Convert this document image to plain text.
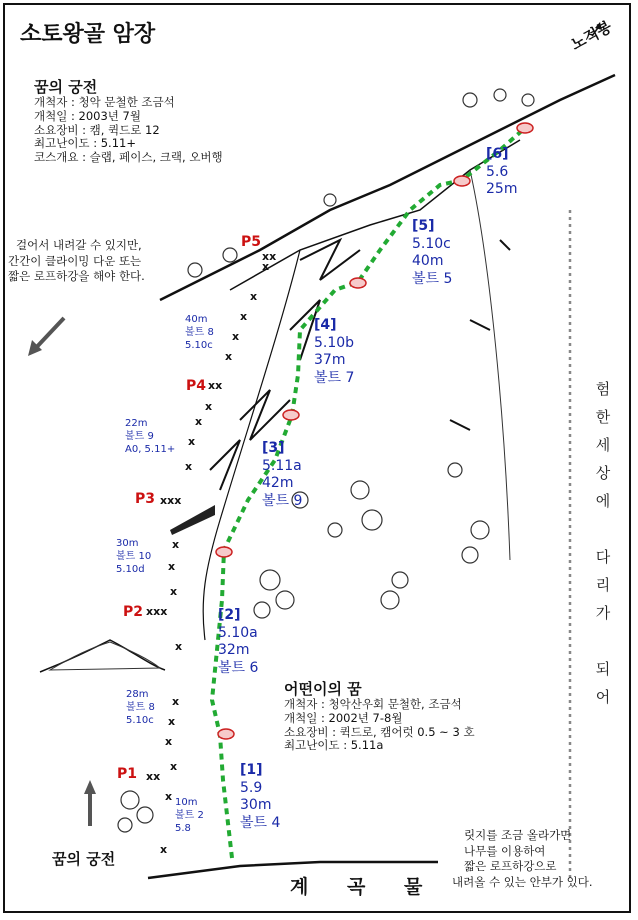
x
x
x
x
x
x
x
x
x
x
x
x
x
x
x
x
x
x
x
소토왕골 암장	노적봉
꿈의 궁전
개척자 : 청악 문철한 조금석
개척일 : 2003년 7월
소요장비 : 캠, 퀵드로 12
최고난이도 : 5.11+
코스개요 : 슬랩, 페이스, 크랙, 오버행
걸어서 내려갈 수 있지만,
간간이 클라이밍 다운 또는
짧은 로프하강을 해야 한다.
어떤이의 꿈
개척자 : 청악산우회 문철한, 조금석
개척일 : 2002년 7-8월
소요장비 : 퀵드로, 캠어럿 0.5 ~ 3 호
최고난이도 : 5.11a
릿지를 조금 올라가면
나무를 이용하여
짧은 로프하강으로
내려올 수 있는 안부가 있다.
험
한
세
상
에

다
리
가

되
어
계 곡 물
꿈의 궁전
P5
P4
P3
P2
P1
40m
볼트 8
5.10c
22m
볼트 9
A0, 5.11+
30m
볼트 10
5.10d
28m
볼트 8
5.10c
10m
볼트 2
5.8
[1]
5.9
30m
볼트 4
[2]
5.10a
32m
볼트 6
[3]
5.11a
42m
볼트 9
[4]
5.10b
37m
볼트 7
[5]
5.10c
40m
볼트 5
[6]
5.6
25m
xx
xx
xxx
xxx
xx
